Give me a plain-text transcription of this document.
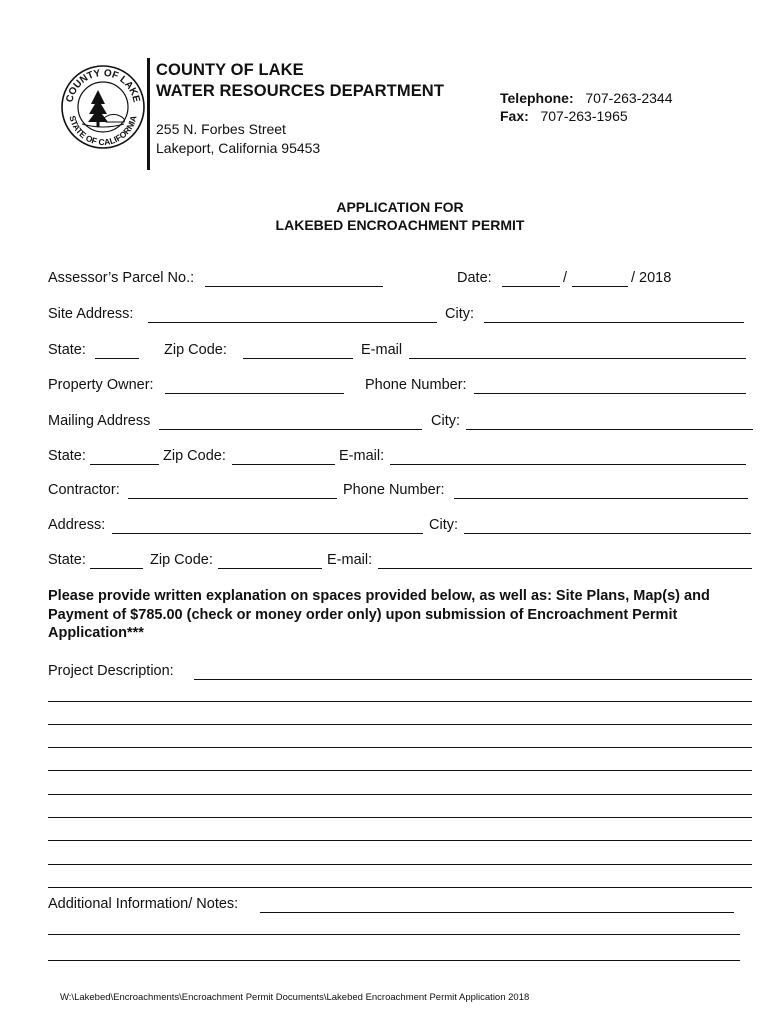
COUNTY OF LAKE
STATE OF CALIFORNIA
COUNTY OF LAKE
WATER RESOURCES DEPARTMENT
255 N. Forbes Street
Lakeport, California 95453
Telephone: 707-263-2344
Fax: 707-263-1965
APPLICATION FOR
LAKEBED ENCROACHMENT PERMIT
Assessor’s Parcel No.:	Date:	/	/ 2018
Site Address:	City:
State:	Zip Code:	E-mail
Property Owner:	Phone Number:
Mailing Address	City:
State:	Zip Code:	E-mail:
Contractor:	Phone Number:
Address:	City:
State:	Zip Code:	E-mail:
Please provide written explanation on spaces provided below, as well as: Site Plans, Map(s) and Payment of $785.00 (check or money order only) upon submission of Encroachment Permit Application***
Project Description:
Additional Information/ Notes:
W:\Lakebed\Encroachments\Encroachment Permit Documents\Lakebed Encroachment Permit Application 2018
